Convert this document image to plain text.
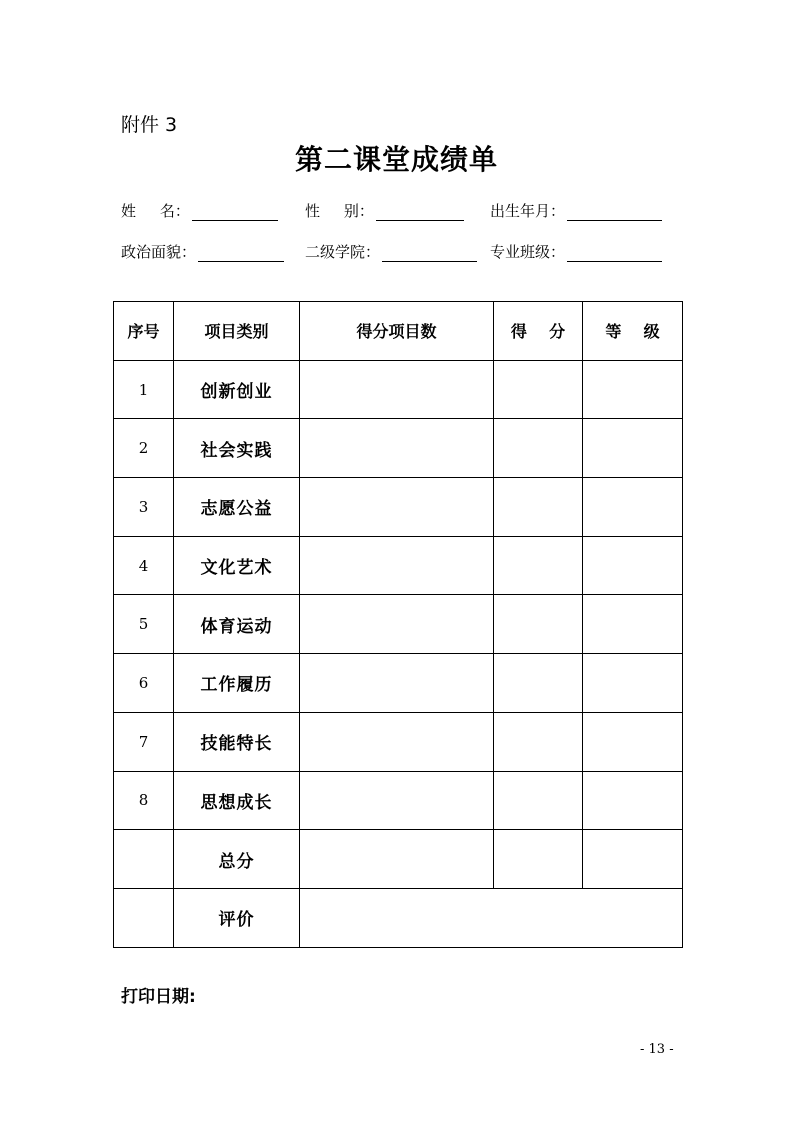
附件 3
第二课堂成绩单
姓     名：	性     别：	出生年月：
政治面貌：	二级学院：	专业班级：
序号	项目类别	得分项目数	得    分	等    级
1	创新创业			
2	社会实践			
3	志愿公益			
4	文化艺术			
5	体育运动			
6	工作履历			
7	技能特长			
8	思想成长			
	总分			
	评价			
打印日期:
- 13 -
